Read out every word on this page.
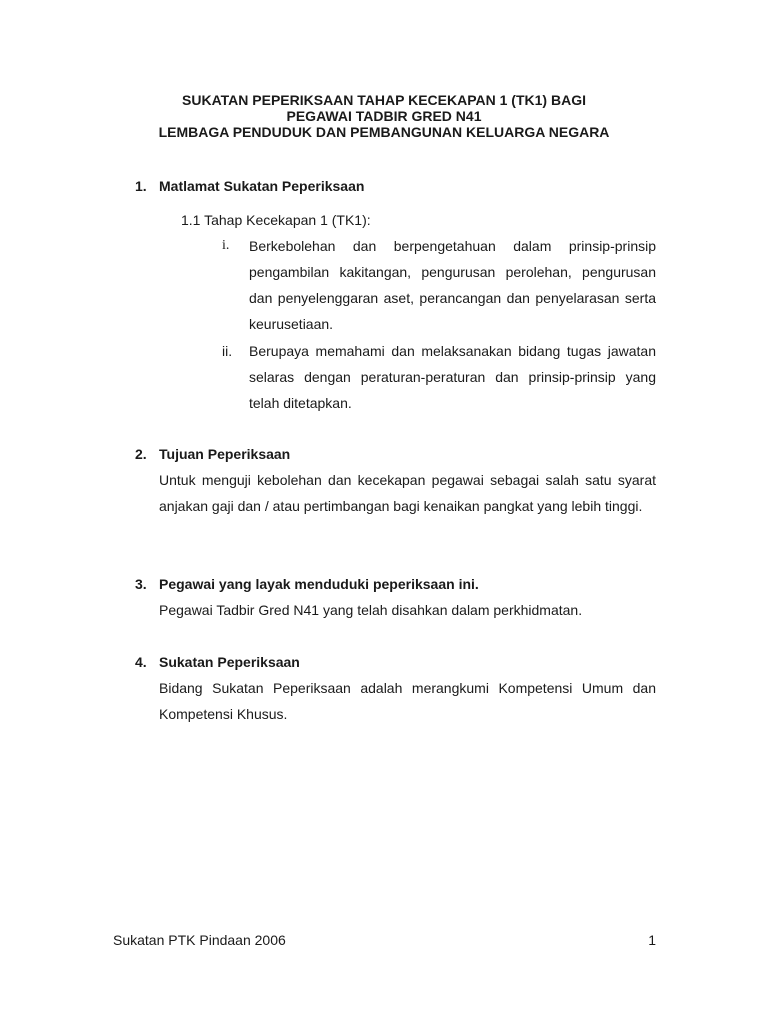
SUKATAN PEPERIKSAAN TAHAP KECEKAPAN 1 (TK1) BAGI
PEGAWAI TADBIR GRED N41
LEMBAGA PENDUDUK DAN PEMBANGUNAN KELUARGA NEGARA
1. Matlamat Sukatan Peperiksaan
1.1 Tahap Kecekapan 1 (TK1):
i.	Berkebolehan dan berpengetahuan dalam prinsip-prinsip pengambilan kakitangan, pengurusan perolehan, pengurusan dan penyelenggaran aset, perancangan dan penyelarasan serta keurusetiaan.
ii.	Berupaya memahami dan melaksanakan bidang tugas jawatan selaras dengan peraturan-peraturan dan prinsip-prinsip yang telah ditetapkan.
2. Tujuan Peperiksaan
Untuk menguji kebolehan dan kecekapan pegawai sebagai salah satu syarat anjakan gaji dan / atau pertimbangan bagi kenaikan pangkat yang lebih tinggi.
3. Pegawai yang layak menduduki peperiksaan ini.
Pegawai Tadbir Gred N41 yang telah disahkan dalam perkhidmatan.
4. Sukatan Peperiksaan
Bidang Sukatan Peperiksaan adalah merangkumi Kompetensi Umum dan Kompetensi Khusus.
Sukatan PTK Pindaan 2006	1
